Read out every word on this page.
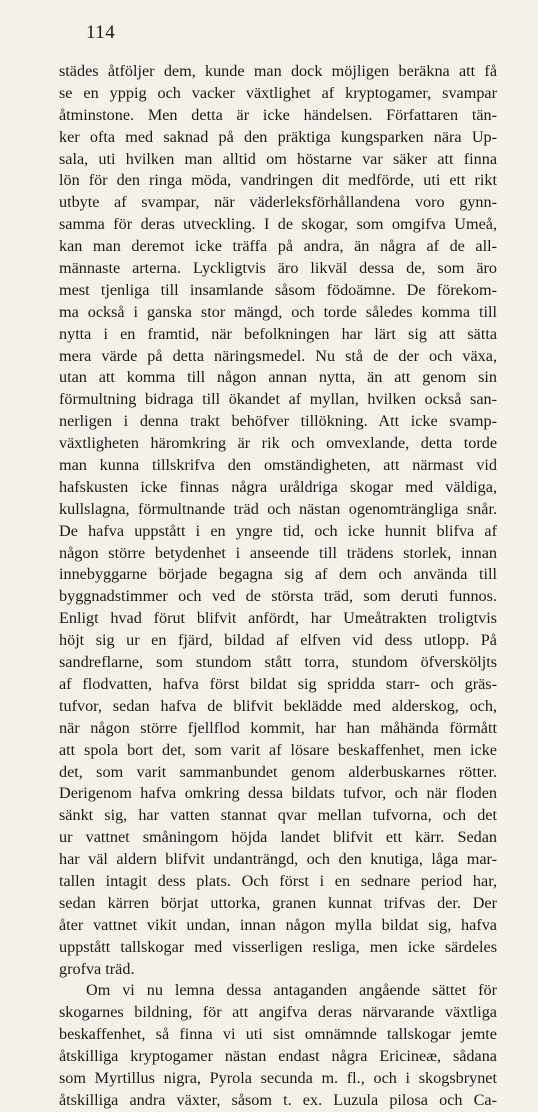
114
städes åtföljer dem, kunde man dock möjligen beräkna att få
se en yppig och vacker växtlighet af kryptogamer, svampar
åtminstone. Men detta är icke händelsen. Författaren tän-
ker ofta med saknad på den präktiga kungsparken nära Up-
sala, uti hvilken man alltid om höstarne var säker att finna
lön för den ringa möda, vandringen dit medförde, uti ett rikt
utbyte af svampar, när väderleksförhållandena voro gynn-
samma för deras utveckling. I de skogar, som omgifva Umeå,
kan man deremot icke träffa på andra, än några af de all-
männaste arterna. Lyckligtvis äro likväl dessa de, som äro
mest tjenliga till insamlande såsom födoämne. De förekom-
ma också i ganska stor mängd, och torde således komma till
nytta i en framtid, när befolkningen har lärt sig att sätta
mera värde på detta näringsmedel. Nu stå de der och växa,
utan att komma till någon annan nytta, än att genom sin
förmultning bidraga till ökandet af myllan, hvilken också san-
nerligen i denna trakt behöfver tillökning. Att icke svamp-
växtligheten häromkring är rik och omvexlande, detta torde
man kunna tillskrifva den omständigheten, att närmast vid
hafskusten icke finnas några uråldriga skogar med väldiga,
kullslagna, förmultnande träd och nästan ogenomträngliga snår.
De hafva uppstått i en yngre tid, och icke hunnit blifva af
någon större betydenhet i anseende till trädens storlek, innan
innebyggarne började begagna sig af dem och använda till
byggnadstimmer och ved de största träd, som deruti funnos.
Enligt hvad förut blifvit anfördt, har Umeåtrakten troligtvis
höjt sig ur en fjärd, bildad af elfven vid dess utlopp. På
sandreflarne, som stundom stått torra, stundom öfversköljts
af flodvatten, hafva först bildat sig spridda starr- och gräs-
tufvor, sedan hafva de blifvit beklädde med alderskog, och,
när någon större fjellflod kommit, har han måhända förmått
att spola bort det, som varit af lösare beskaffenhet, men icke
det, som varit sammanbundet genom alderbuskarnes rötter.
Derigenom hafva omkring dessa bildats tufvor, och när floden
sänkt sig, har vatten stannat qvar mellan tufvorna, och det
ur vattnet småningom höjda landet blifvit ett kärr. Sedan
har väl aldern blifvit undanträngd, och den knutiga, låga mar-
tallen intagit dess plats. Och först i en sednare period har,
sedan kärren börjat uttorka, granen kunnat trifvas der. Der
åter vattnet vikit undan, innan någon mylla bildat sig, hafva
uppstått tallskogar med visserligen resliga, men icke särdeles
grofva träd.
Om vi nu lemna dessa antaganden angående sättet för
skogarnes bildning, för att angifva deras närvarande växtliga
beskaffenhet, så finna vi uti sist omnämnde tallskogar jemte
åtskilliga kryptogamer nästan endast några Ericineæ, sådana
som Myrtillus nigra, Pyrola secunda m. fl., och i skogsbrynet
åtskilliga andra växter, såsom t. ex. Luzula pilosa och Ca-
